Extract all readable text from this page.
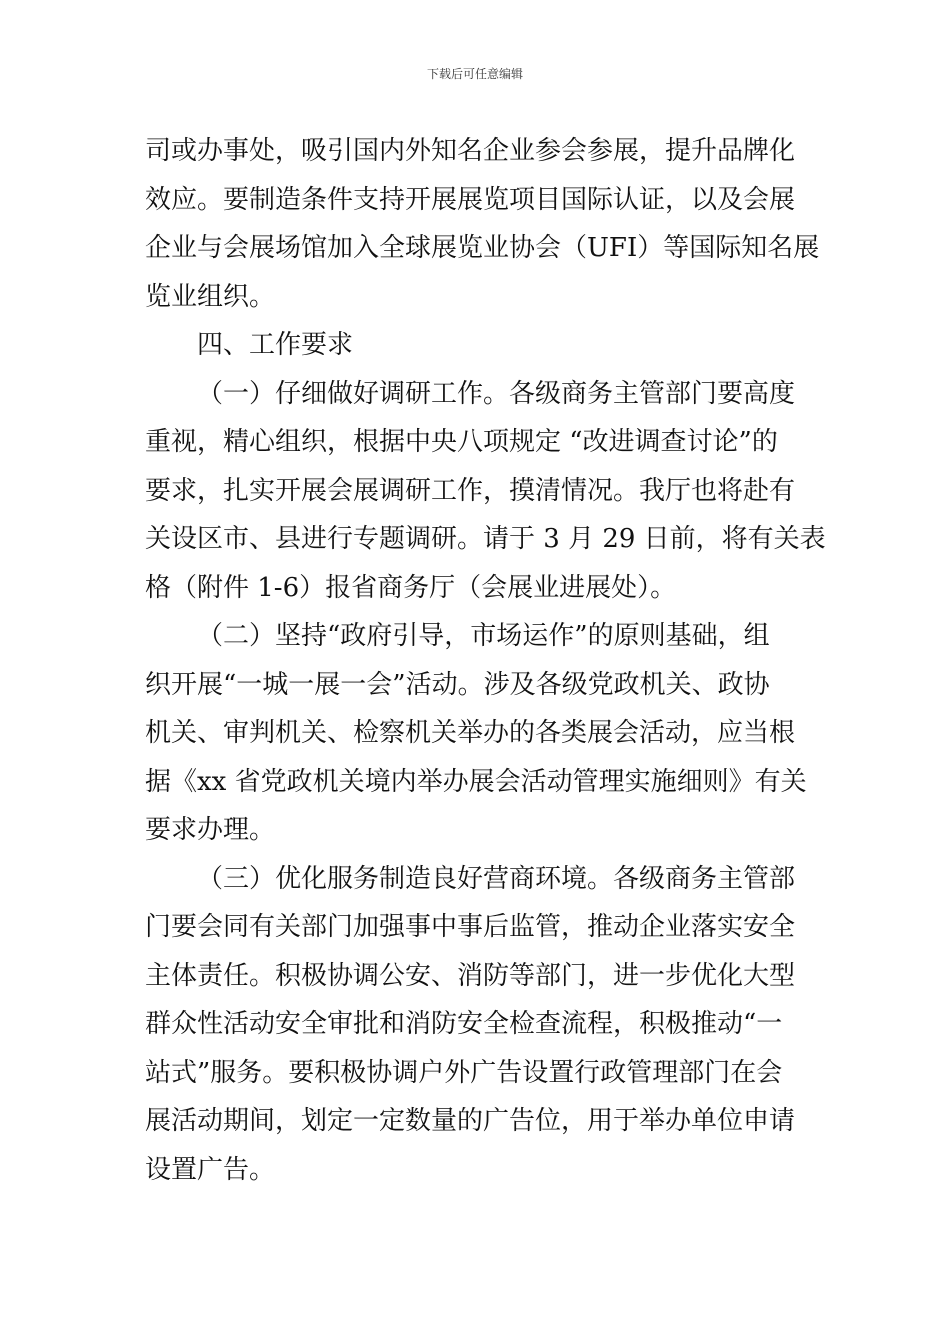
下载后可任意编辑
司或办事处，吸引国内外知名企业参会参展，提升品牌化
效应。要制造条件支持开展展览项目国际认证，以及会展
企业与会展场馆加入全球展览业协会（UFI）等国际知名展
览业组织。
四、工作要求
（一）仔细做好调研工作。各级商务主管部门要高度
重视，精心组织，根据中央八项规定 “改进调查讨论”的
要求，扎实开展会展调研工作，摸清情况。我厅也将赴有
关设区市、县进行专题调研。请于 3 月 29 日前，将有关表
格（附件 1-6）报省商务厅（会展业进展处）。
（二）坚持“政府引导，市场运作”的原则基础，组
织开展“一城一展一会”活动。涉及各级党政机关、政协
机关、审判机关、检察机关举办的各类展会活动，应当根
据《xx 省党政机关境内举办展会活动管理实施细则》有关
要求办理。
（三）优化服务制造良好营商环境。各级商务主管部
门要会同有关部门加强事中事后监管，推动企业落实安全
主体责任。积极协调公安、消防等部门，进一步优化大型
群众性活动安全审批和消防安全检查流程，积极推动“一
站式”服务。要积极协调户外广告设置行政管理部门在会
展活动期间，划定一定数量的广告位，用于举办单位申请
设置广告。
